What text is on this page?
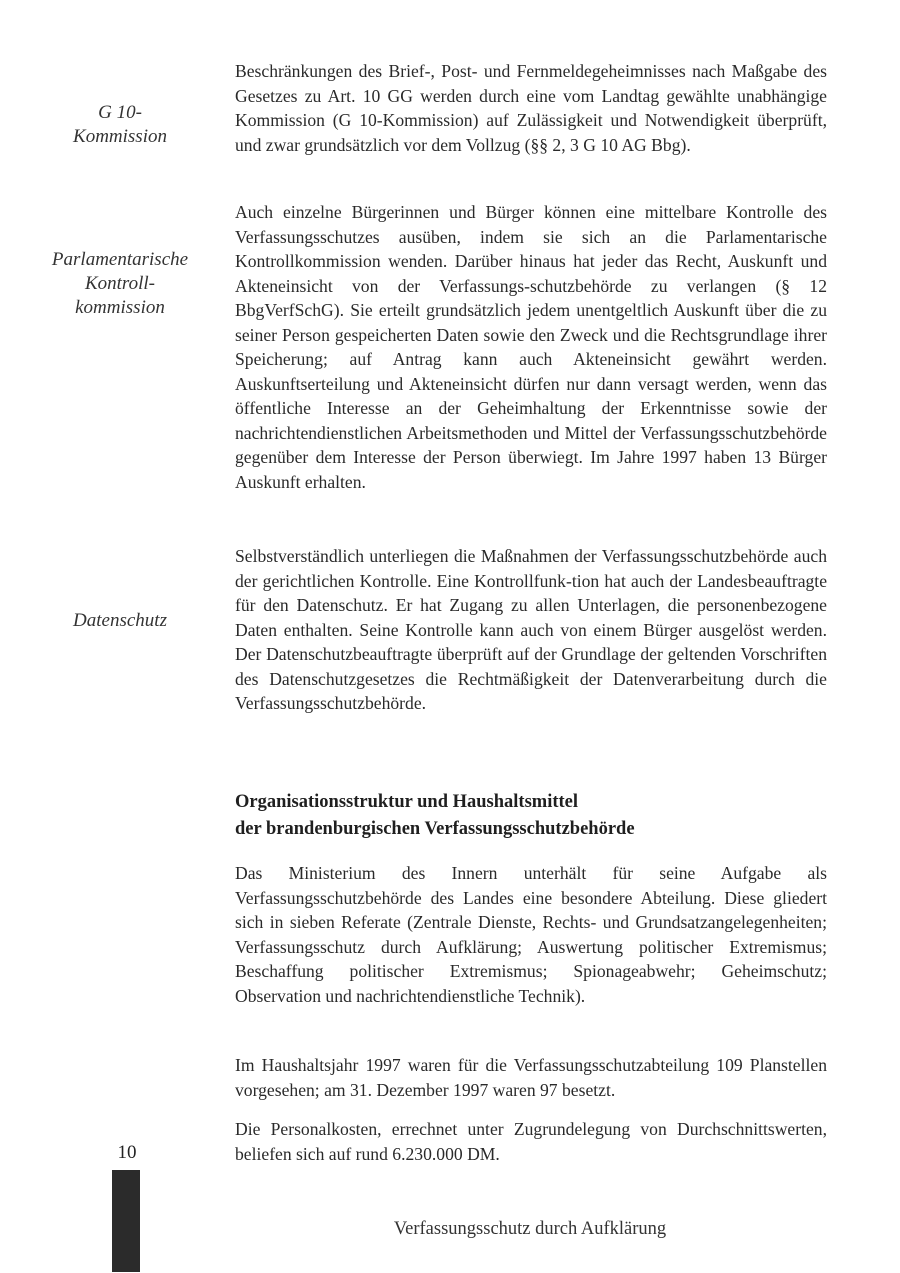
G 10-
Kommission
Parlamentarische
Kontroll-
kommission
Datenschutz

Beschränkungen des Brief-, Post- und Fernmeldegeheimnisses nach Maßgabe des Gesetzes zu Art. 10 GG werden durch eine vom Landtag gewählte unabhängige Kommission (G 10-Kommission) auf Zulässigkeit und Notwendigkeit überprüft, und zwar grundsätzlich vor dem Vollzug (§§ 2, 3 G 10 AG Bbg).

Auch einzelne Bürgerinnen und Bürger können eine mittelbare Kontrolle des Verfassungsschutzes ausüben, indem sie sich an die Parlamentarische Kontrollkommission wenden. Darüber hinaus hat jeder das Recht, Auskunft und Akteneinsicht von der Verfassungs-schutzbehörde zu verlangen (§ 12 BbgVerfSchG). Sie erteilt grundsätzlich jedem unentgeltlich Auskunft über die zu seiner Person gespeicherten Daten sowie den Zweck und die Rechtsgrundlage ihrer Speicherung; auf Antrag kann auch Akteneinsicht gewährt werden. Auskunftserteilung und Akteneinsicht dürfen nur dann versagt werden, wenn das öffentliche Interesse an der Geheimhaltung der Erkenntnisse sowie der nachrichtendienstlichen Arbeitsmethoden und Mittel der Verfassungsschutzbehörde gegenüber dem Interesse der Person überwiegt. Im Jahre 1997 haben 13 Bürger Auskunft erhalten.

Selbstverständlich unterliegen die Maßnahmen der Verfassungsschutzbehörde auch der gerichtlichen Kontrolle. Eine Kontrollfunk-tion hat auch der Landesbeauftragte für den Datenschutz. Er hat Zugang zu allen Unterlagen, die personenbezogene Daten enthalten. Seine Kontrolle kann auch von einem Bürger ausgelöst werden. Der Datenschutzbeauftragte überprüft auf der Grundlage der geltenden Vorschriften des Datenschutzgesetzes die Rechtmäßigkeit der Datenverarbeitung durch die Verfassungsschutzbehörde.

Organisationsstruktur und Haushaltsmittel
der brandenburgischen Verfassungsschutzbehörde

Das Ministerium des Innern unterhält für seine Aufgabe als Verfassungsschutzbehörde des Landes eine besondere Abteilung. Diese gliedert sich in sieben Referate (Zentrale Dienste, Rechts- und Grundsatzangelegenheiten; Verfassungsschutz durch Aufklärung; Auswertung politischer Extremismus; Beschaffung politischer Extremismus; Spionageabwehr; Geheimschutz; Observation und nachrichtendienstliche Technik).

Im Haushaltsjahr 1997 waren für die Verfassungsschutzabteilung 109 Planstellen vorgesehen; am 31. Dezember 1997 waren 97 besetzt.

Die Personalkosten, errechnet unter Zugrundelegung von Durchschnittswerten, beliefen sich auf rund 6.230.000 DM.

10
Verfassungsschutz durch Aufklärung
